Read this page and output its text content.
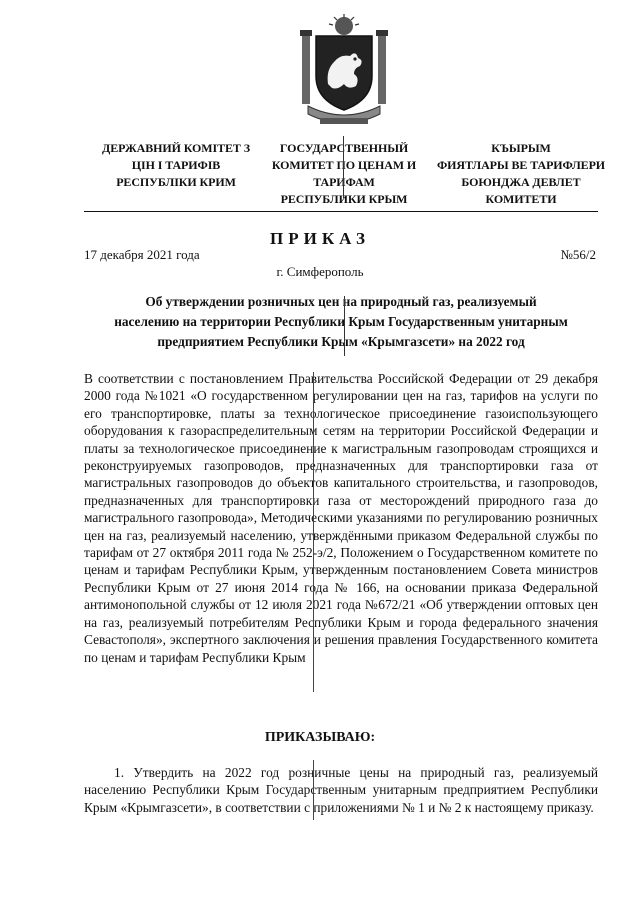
ДЕРЖАВНИЙ КОМІТЕТ З
ЦІН І ТАРИФІВ
РЕСПУБЛІКИ КРИМ
ГОСУДАРСТВЕННЫЙ
КОМИТЕТ ПО ЦЕНАМ И
ТАРИФАМ
РЕСПУБЛИКИ КРЫМ
КЪЫРЫМ
ФИЯТЛАРЫ ВЕ ТАРИФЛЕРИ
БОЮНДЖА ДЕВЛЕТ
КОМИТЕТИ
ПРИКАЗ
17 декабря 2021 года	№56/2
г. Симферополь
Об утверждении розничных цен на природный газ, реализуемый
населению на территории Республики Крым Государственным унитарным
предприятием Республики Крым «Крымгазсети» на 2022 год
В соответствии с постановлением Правительства Российской Федерации от 29 декабря 2000 года №1021 «О государственном регулировании цен на газ, тарифов на услуги по его транспортировке, платы за технологическое присоединение газоиспользующего оборудования к газораспределительным сетям на территории Российской Федерации и платы за технологическое присоединение к магистральным газопроводам строящихся и реконструируемых газопроводов, предназначенных для транспортировки газа от магистральных газопроводов до объектов капитального строительства, и газопроводов, предназначенных для транспортировки газа от месторождений природного газа до магистрального газопровода», Методическими указаниями по регулированию розничных цен на газ, реализуемый населению, утверждёнными приказом Федеральной службы по тарифам от 27 октября 2011 года № 252-э/2, Положением о Государственном комитете по ценам и тарифам Республики Крым, утвержденным постановлением Совета министров Республики Крым от 27 июня 2014 года № 166, на основании приказа Федеральной антимонопольной службы от 12 июля 2021 года №672/21 «Об утверждении оптовых цен на газ, реализуемый потребителям Республики Крым и города федерального значения Севастополя», экспертного заключения и решения правления Государственного комитета по ценам и тарифам Республики Крым
ПРИКАЗЫВАЮ:
1. Утвердить на 2022 год розничные цены на природный газ, реализуемый населению Республики Крым Государственным унитарным предприятием Республики Крым «Крымгазсети», в соответствии с приложениями № 1 и № 2 к настоящему приказу.
